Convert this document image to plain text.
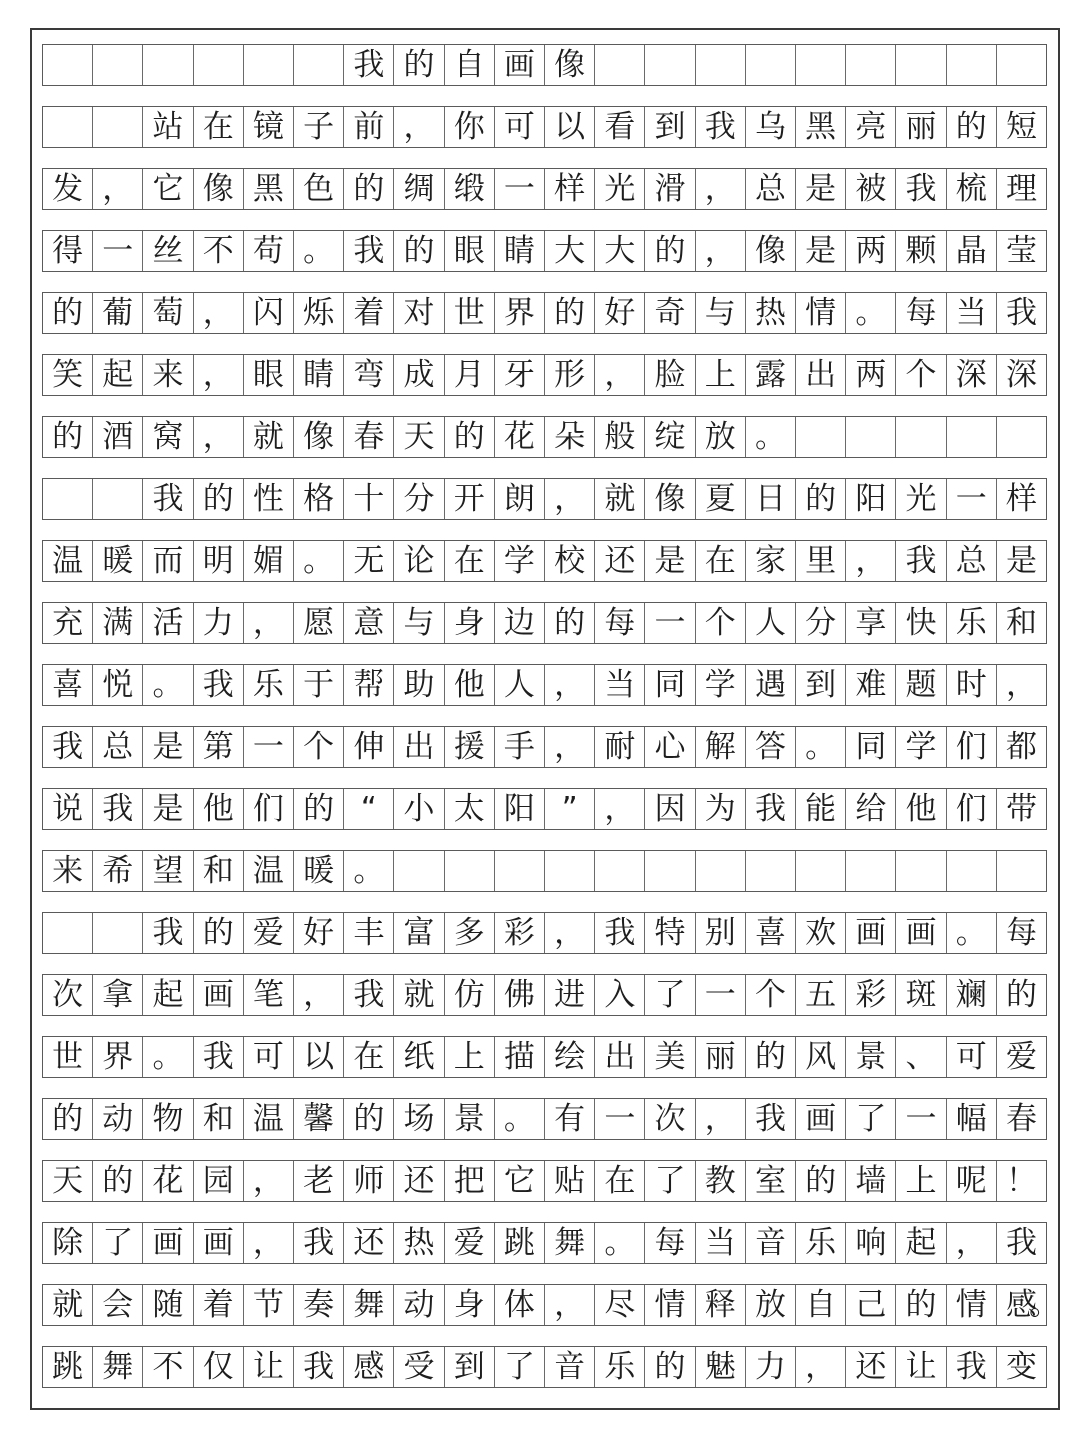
我 的 自 画 像
站 在 镜 子 前 ， 你 可 以 看 到 我 乌 黑 亮 丽 的 短
发 ， 它 像 黑 色 的 绸 缎 一 样 光 滑 ， 总 是 被 我 梳 理
得 一 丝 不 苟 。 我 的 眼 睛 大 大 的 ， 像 是 两 颗 晶 莹
的 葡 萄 ， 闪 烁 着 对 世 界 的 好 奇 与 热 情 。 每 当 我
笑 起 来 ， 眼 睛 弯 成 月 牙 形 ， 脸 上 露 出 两 个 深 深
的 酒 窝 ， 就 像 春 天 的 花 朵 般 绽 放 。
我 的 性 格 十 分 开 朗 ， 就 像 夏 日 的 阳 光 一 样
温 暖 而 明 媚 。 无 论 在 学 校 还 是 在 家 里 ， 我 总 是
充 满 活 力 ， 愿 意 与 身 边 的 每 一 个 人 分 享 快 乐 和
喜 悦 。 我 乐 于 帮 助 他 人 ， 当 同 学 遇 到 难 题 时 ，
我 总 是 第 一 个 伸 出 援 手 ， 耐 心 解 答 。 同 学 们 都
说 我 是 他 们 的 “ 小 太 阳 ” ， 因 为 我 能 给 他 们 带
来 希 望 和 温 暖 。
我 的 爱 好 丰 富 多 彩 ， 我 特 别 喜 欢 画 画 。 每
次 拿 起 画 笔 ， 我 就 仿 佛 进 入 了 一 个 五 彩 斑 斓 的
世 界 。 我 可 以 在 纸 上 描 绘 出 美 丽 的 风 景 、 可 爱
的 动 物 和 温 馨 的 场 景 。 有 一 次 ， 我 画 了 一 幅 春
天 的 花 园 ， 老 师 还 把 它 贴 在 了 教 室 的 墙 上 呢 ！
除 了 画 画 ， 我 还 热 爱 跳 舞 。 每 当 音 乐 响 起 ， 我
就 会 随 着 节 奏 舞 动 身 体 ， 尽 情 释 放 自 己 的 情 感
。
跳 舞 不 仅 让 我 感 受 到 了 音 乐 的 魅 力 ， 还 让 我 变
